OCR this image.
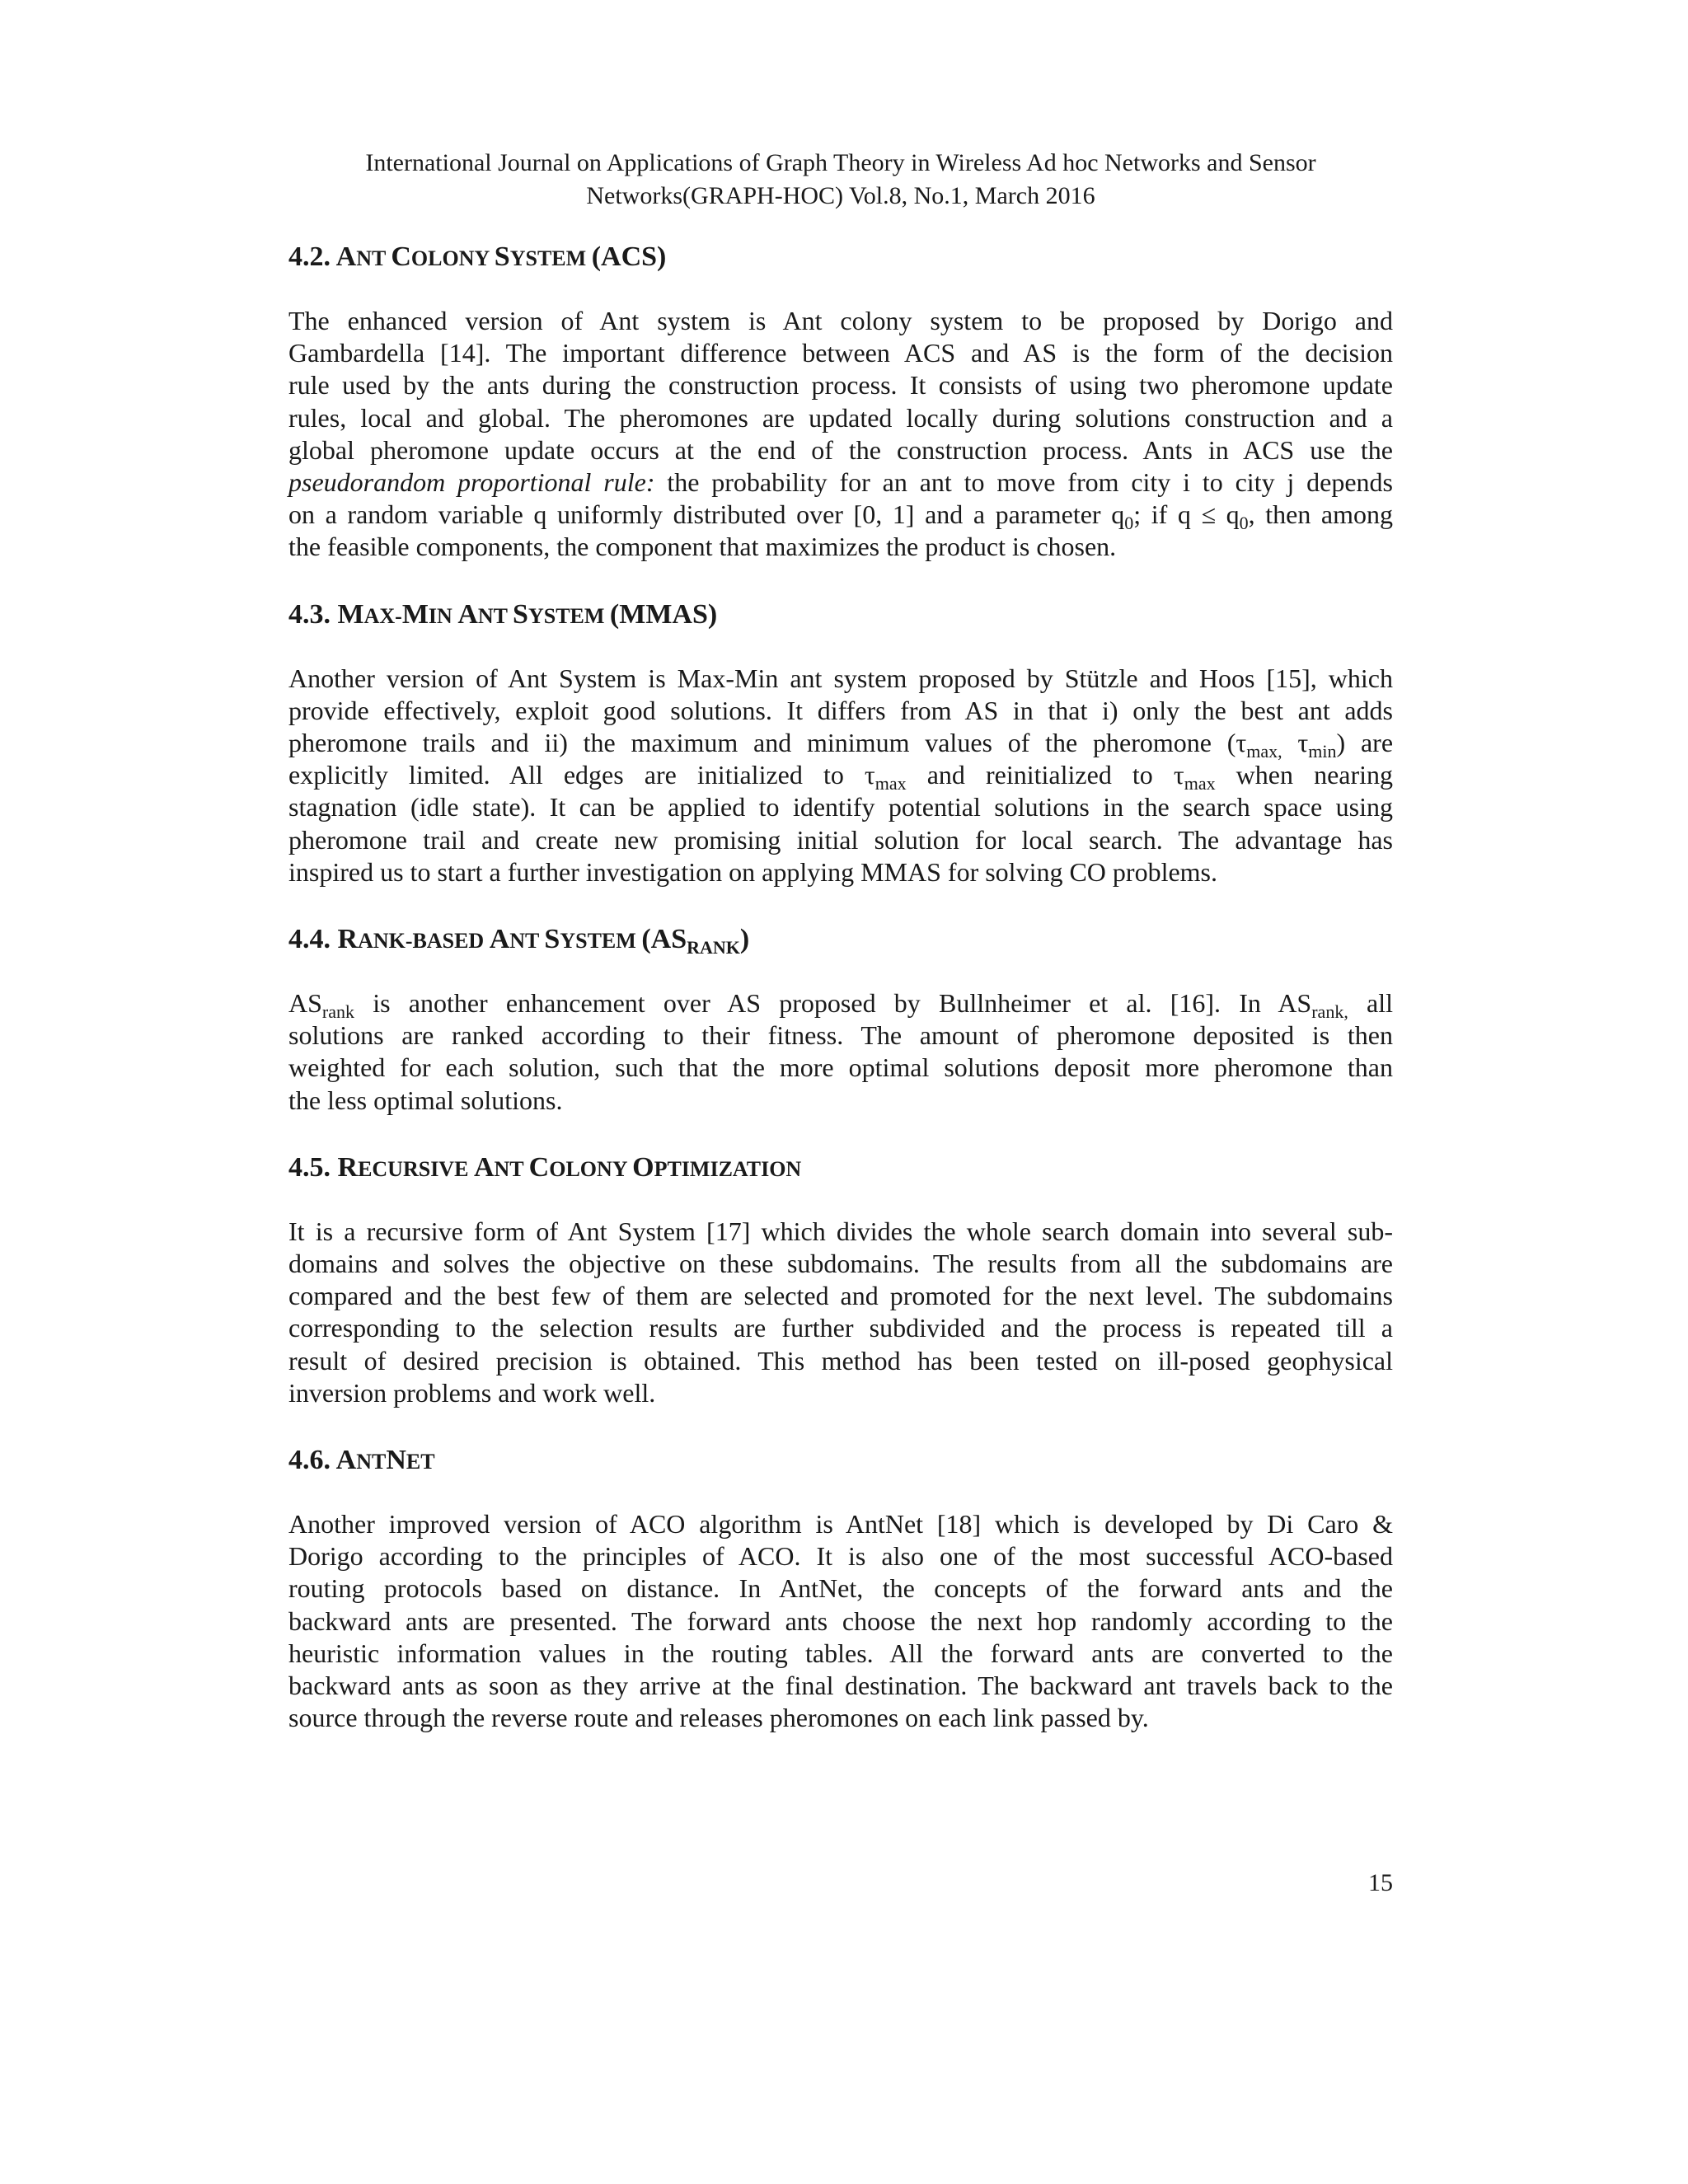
International Journal on Applications of Graph Theory in Wireless Ad hoc Networks and Sensor
Networks(GRAPH-HOC) Vol.8, No.1, March 2016
4.2. ANT COLONY SYSTEM (ACS)

The enhanced version of Ant system is Ant colony system to be proposed by Dorigo and
Gambardella [14]. The important difference between ACS and AS is the form of the decision
rule used by the ants during the construction process. It consists of using two pheromone update
rules, local and global. The pheromones are updated locally during solutions construction and a
global pheromone update occurs at the end of the construction process. Ants in ACS use the
pseudorandom proportional rule: the probability for an ant to move from city i to city j depends
on a random variable q uniformly distributed over [0, 1] and a parameter $q_0$; if $q \le q_0$, then among
the feasible components, the component that maximizes the product is chosen.

4.3. MAX-MIN ANT SYSTEM (MMAS)

Another version of Ant System is Max-Min ant system proposed by Stützle and Hoos [15], which
provide effectively, exploit good solutions. It differs from AS in that i) only the best ant adds
pheromone trails and ii) the maximum and minimum values of the pheromone ($\tau_{max,}$ $\tau_{min}$) are
explicitly limited. All edges are initialized to $\tau_{max}$ and reinitialized to $\tau_{max}$ when nearing
stagnation (idle state). It can be applied to identify potential solutions in the search space using
pheromone trail and create new promising initial solution for local search. The advantage has
inspired us to start a further investigation on applying MMAS for solving CO problems.

4.4. RANK-BASED ANT SYSTEM $(AS_{RANK})$

$AS_{rank}$ is another enhancement over AS proposed by Bullnheimer et al. [16]. In $AS_{rank,}$ all
solutions are ranked according to their fitness. The amount of pheromone deposited is then
weighted for each solution, such that the more optimal solutions deposit more pheromone than
the less optimal solutions.

4.5. RECURSIVE ANT COLONY OPTIMIZATION

It is a recursive form of Ant System [17] which divides the whole search domain into several sub-
domains and solves the objective on these subdomains. The results from all the subdomains are
compared and the best few of them are selected and promoted for the next level. The subdomains
corresponding to the selection results are further subdivided and the process is repeated till a
result of desired precision is obtained. This method has been tested on ill-posed geophysical
inversion problems and work well.

4.6. ANTNET

Another improved version of ACO algorithm is AntNet [18] which is developed by Di Caro &
Dorigo according to the principles of ACO. It is also one of the most successful ACO-based
routing protocols based on distance. In AntNet, the concepts of the forward ants and the
backward ants are presented. The forward ants choose the next hop randomly according to the
heuristic information values in the routing tables. All the forward ants are converted to the
backward ants as soon as they arrive at the final destination. The backward ant travels back to the
source through the reverse route and releases pheromones on each link passed by.

15
